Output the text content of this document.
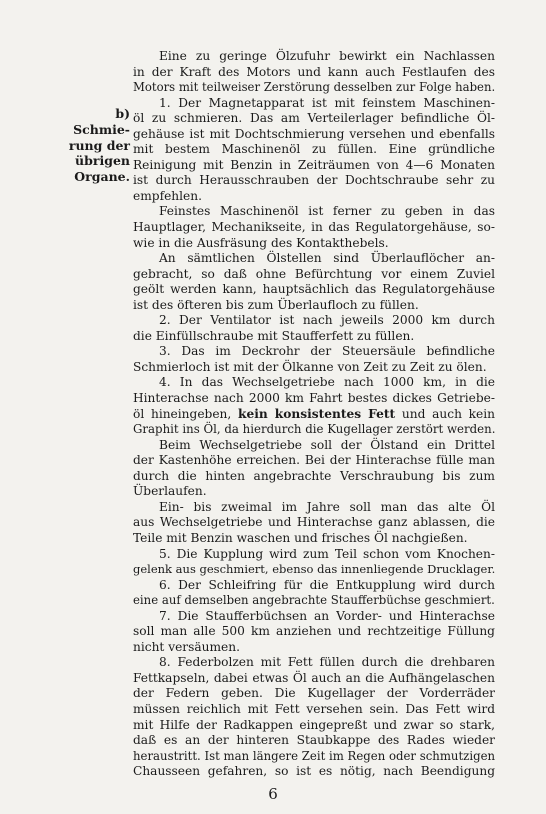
b)
Schmie-
rung der
übrigen
Organe.
Eine zu geringe Ölzufuhr bewirkt ein Nachlassen
in der Kraft des Motors und kann auch Festlaufen des
Motors mit teilweiser Zerstörung desselben zur Folge haben.
1. Der Magnetapparat ist mit feinstem Maschinen-
öl zu schmieren. Das am Verteilerlager befindliche Öl-
gehäuse ist mit Dochtschmierung versehen und ebenfalls
mit bestem Maschinenöl zu füllen. Eine gründliche
Reinigung mit Benzin in Zeiträumen von 4—6 Monaten
ist durch Herausschrauben der Dochtschraube sehr zu
empfehlen.
Feinstes Maschinenöl ist ferner zu geben in das
Hauptlager, Mechanikseite, in das Regulatorgehäuse, so-
wie in die Ausfräsung des Kontakthebels.
An sämtlichen Ölstellen sind Überlauflöcher an-
gebracht, so daß ohne Befürchtung vor einem Zuviel
geölt werden kann, hauptsächlich das Regulatorgehäuse
ist des öfteren bis zum Überlaufloch zu füllen.
2. Der Ventilator ist nach jeweils 2000 km durch
die Einfüllschraube mit Staufferfett zu füllen.
3. Das im Deckrohr der Steuersäule befindliche
Schmierloch ist mit der Ölkanne von Zeit zu Zeit zu ölen.
4. In das Wechselgetriebe nach 1000 km, in die
Hinterachse nach 2000 km Fahrt bestes dickes Getriebe-
öl hineingeben, kein konsistentes Fett und auch kein
Graphit ins Öl, da hierdurch die Kugellager zerstört werden.
Beim Wechselgetriebe soll der Ölstand ein Drittel
der Kastenhöhe erreichen. Bei der Hinterachse fülle man
durch die hinten angebrachte Verschraubung bis zum
Überlaufen.
Ein- bis zweimal im Jahre soll man das alte Öl
aus Wechselgetriebe und Hinterachse ganz ablassen, die
Teile mit Benzin waschen und frisches Öl nachgießen.
5. Die Kupplung wird zum Teil schon vom Knochen-
gelenk aus geschmiert, ebenso das innenliegende Drucklager.
6. Der Schleifring für die Entkupplung wird durch
eine auf demselben angebrachte Staufferbüchse geschmiert.
7. Die Staufferbüchsen an Vorder- und Hinterachse
soll man alle 500 km anziehen und rechtzeitige Füllung
nicht versäumen.
8. Federbolzen mit Fett füllen durch die drehbaren
Fettkapseln, dabei etwas Öl auch an die Aufhängelaschen
der Federn geben. Die Kugellager der Vorderräder
müssen reichlich mit Fett versehen sein. Das Fett wird
mit Hilfe der Radkappen eingepreßt und zwar so stark,
daß es an der hinteren Staubkappe des Rades wieder
heraustritt. Ist man längere Zeit im Regen oder schmutzigen
Chausseen gefahren, so ist es nötig, nach Beendigung
6
